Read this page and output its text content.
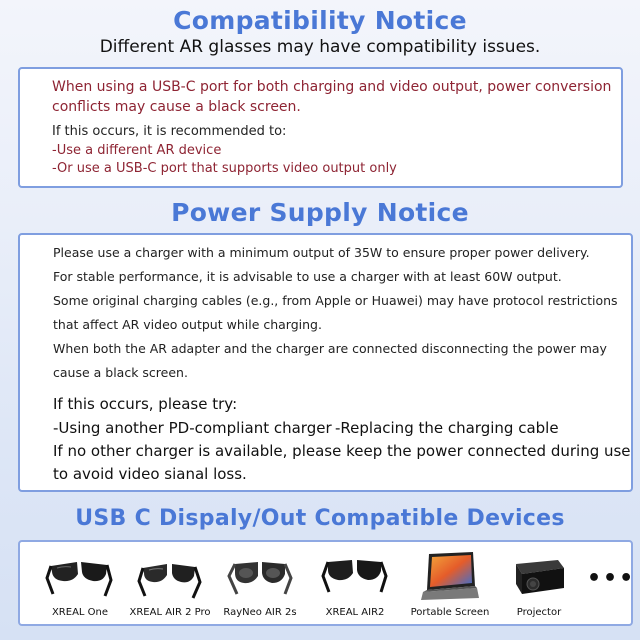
Compatibility Notice
Different AR glasses may have compatibility issues.
When using a USB-C port for both charging and video output, power conversion
conflicts may cause a black screen.
If this occurs, it is recommended to:
-Use a different AR device
-Or use a USB-C port that supports video output only
Power Supply Notice
Please use a charger with a minimum output of 35W to ensure proper power delivery.
For stable performance, it is advisable to use a charger with at least 60W output.
Some original charging cables (e.g., from Apple or Huawei) may have protocol restrictions
that affect AR video output while charging.
When both the AR adapter and the charger are connected disconnecting the power may
cause a black screen.
If this occurs, please try:
-Using another PD-compliant charger -Replacing the charging cable
If no other charger is available, please keep the power connected during use
to avoid video sianal loss.
USB C Dispaly/Out Compatible Devices
XREAL One	XREAL AIR 2 Pro	RayNeo AIR 2s	XREAL AIR2	Portable Screen	Projector
•••
